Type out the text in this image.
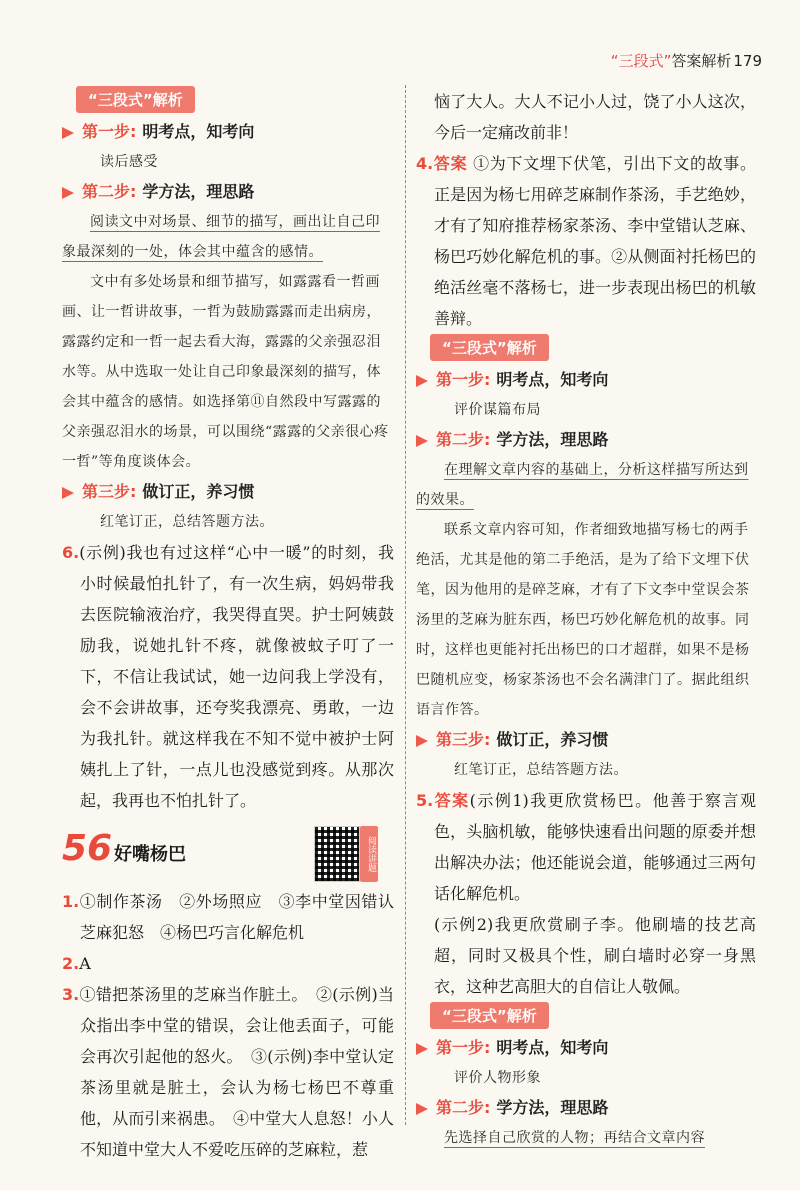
“三段式”答案解析 179
“三段式”解析
第一步: 明考点，知考向
读后感受
第二步: 学方法，理思路
阅读文中对场景、细节的描写，画出让自己印象最深刻的一处，体会其中蕴含的感情。
文中有多处场景和细节描写，如露露看一哲画画、让一哲讲故事，一哲为鼓励露露而走出病房，露露约定和一哲一起去看大海，露露的父亲强忍泪水等。从中选取一处让自己印象最深刻的描写，体会其中蕴含的感情。如选择第⑪自然段中写露露的父亲强忍泪水的场景，可以围绕“露露的父亲很心疼一哲”等角度谈体会。
第三步: 做订正，养习惯
红笔订正，总结答题方法。
6.(示例)我也有过这样“心中一暖”的时刻，我小时候最怕扎针了，有一次生病，妈妈带我去医院输液治疗，我哭得直哭。护士阿姨鼓励我，说她扎针不疼，就像被蚊子叮了一下，不信让我试试，她一边问我上学没有，会不会讲故事，还夸奖我漂亮、勇敢，一边为我扎针。就这样我在不知不觉中被护士阿姨扎上了针，一点儿也没感觉到疼。从那次起，我再也不怕扎针了。
56 好嘴杨巴	阅读讲题
1.①制作茶汤　②外场照应　③李中堂因错认芝麻犯怒　④杨巴巧言化解危机
2.A
3.①错把茶汤里的芝麻当作脏土。　②(示例)当众指出李中堂的错误，会让他丢面子，可能会再次引起他的怒火。　③(示例)李中堂认定茶汤里就是脏土，会认为杨七杨巴不尊重他，从而引来祸患。　④中堂大人息怒！小人不知道中堂大人不爱吃压碎的芝麻粒，惹
恼了大人。大人不记小人过，饶了小人这次，今后一定痛改前非！
4.答案 ①为下文埋下伏笔，引出下文的故事。正是因为杨七用碎芝麻制作茶汤，手艺绝妙，才有了知府推荐杨家茶汤、李中堂错认芝麻、杨巴巧妙化解危机的事。②从侧面衬托杨巴的绝活丝毫不落杨七，进一步表现出杨巴的机敏善辩。
“三段式”解析
第一步: 明考点，知考向
评价谋篇布局
第二步: 学方法，理思路
在理解文章内容的基础上，分析这样描写所达到的效果。
联系文章内容可知，作者细致地描写杨七的两手绝活，尤其是他的第二手绝活，是为了给下文埋下伏笔，因为他用的是碎芝麻，才有了下文李中堂误会茶汤里的芝麻为脏东西，杨巴巧妙化解危机的故事。同时，这样也更能衬托出杨巴的口才超群，如果不是杨巴随机应变，杨家茶汤也不会名满津门了。据此组织语言作答。
第三步: 做订正，养习惯
红笔订正，总结答题方法。
5.答案(示例1)我更欣赏杨巴。他善于察言观色，头脑机敏，能够快速看出问题的原委并想出解决办法；他还能说会道，能够通过三两句话化解危机。
(示例2)我更欣赏刷子李。他刷墙的技艺高超，同时又极具个性，刷白墙时必穿一身黑衣，这种艺高胆大的自信让人敬佩。
“三段式”解析
第一步: 明考点，知考向
评价人物形象
第二步: 学方法，理思路
先选择自己欣赏的人物；再结合文章内容
